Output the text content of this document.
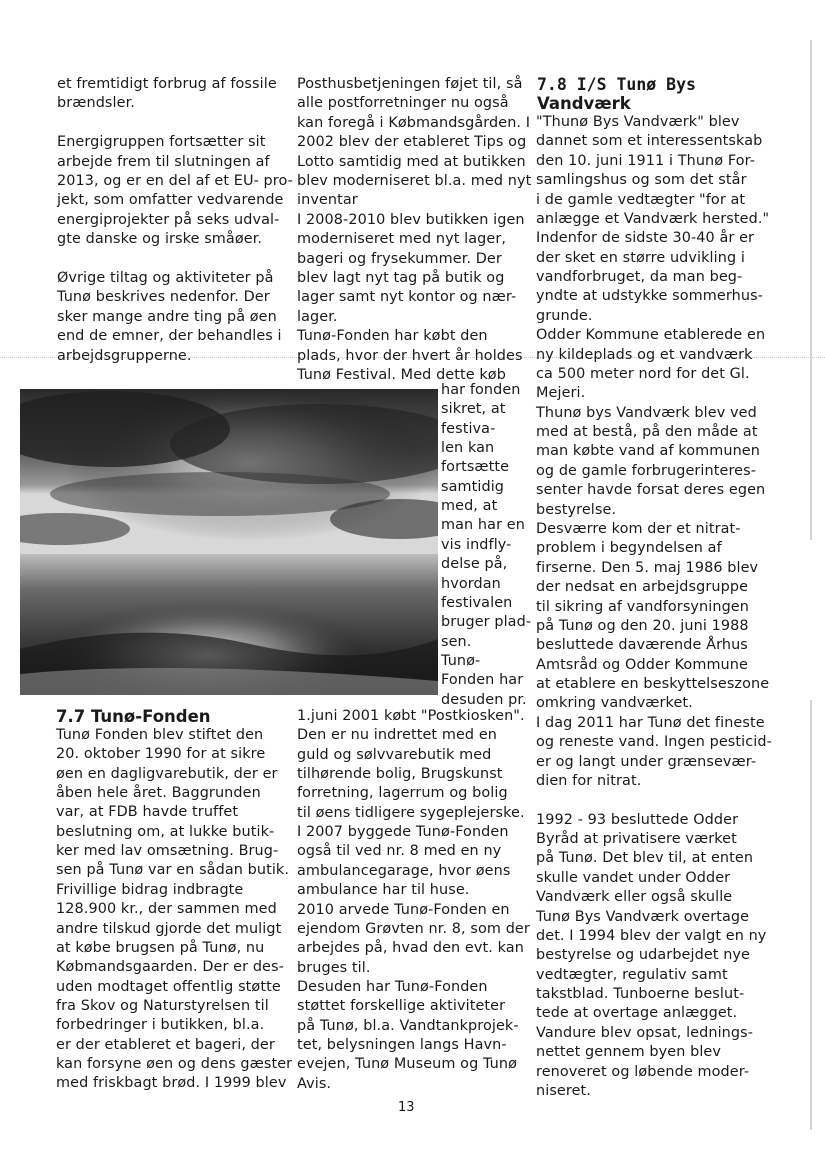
et fremtidigt forbrug af fossile
brændsler.
Energigruppen fortsætter sit
arbejde frem til slutningen af
2013, og er en del af et EU- pro-
jekt, som omfatter vedvarende
energiprojekter på seks udval-
gte danske og irske småøer.
Øvrige tiltag og aktiviteter på
Tunø beskrives nedenfor. Der
sker mange andre ting på øen
end de emner, der behandles i
arbejdsgrupperne.
7.7 Tunø-Fonden
Tunø Fonden blev stiftet den
20. oktober 1990 for at sikre
øen en dagligvarebutik, der er
åben hele året. Baggrunden
var, at FDB havde truffet
beslutning om, at lukke butik-
ker med lav omsætning. Brug-
sen på Tunø var en sådan butik.
Frivillige bidrag indbragte
128.900 kr., der sammen med
andre tilskud gjorde det muligt
at købe brugsen på Tunø, nu
Købmandsgaarden. Der er des-
uden modtaget offentlig støtte
fra Skov og Naturstyrelsen til
forbedringer i butikken, bl.a.
er der etableret et bageri, der
kan forsyne øen og dens gæster
med friskbagt brød. I 1999 blev
Posthusbetjeningen føjet til, så
alle postforretninger nu også
kan foregå i Købmandsgården. I
2002 blev der etableret Tips og
Lotto samtidig med at butikken
blev moderniseret bl.a. med nyt
inventar
I 2008-2010 blev butikken igen
moderniseret med nyt lager,
bageri og frysekummer. Der
blev lagt nyt tag på butik og
lager samt nyt kontor og nær-
lager.
Tunø-Fonden har købt den
plads, hvor der hvert år holdes
Tunø Festival. Med dette køb
har fonden
sikret, at
festiva-
len kan
fortsætte
samtidig
med, at
man har en
vis indfly-
delse på,
hvordan
festivalen
bruger plad-
sen.
Tunø-
Fonden har
desuden pr.
1.juni 2001 købt "Postkiosken".
Den er nu indrettet med en
guld og sølvvarebutik med
tilhørende bolig, Brugskunst
forretning, lagerrum og bolig
til øens tidligere sygeplejerske.
I 2007 byggede Tunø-Fonden
også til ved nr. 8 med en ny
ambulancegarage, hvor øens
ambulance har til huse.
2010 arvede Tunø-Fonden en
ejendom Grøvten nr. 8, som der
arbejdes på, hvad den evt. kan
bruges til.
Desuden har Tunø-Fonden
støttet forskellige aktiviteter
på Tunø, bl.a. Vandtankprojek-
tet, belysningen langs Havn-
evejen, Tunø Museum og Tunø
Avis.
7.8 I/S Tunø Bys
Vandværk
"Thunø Bys Vandværk" blev
dannet som et interessentskab
den 10. juni 1911 i Thunø For-
samlingshus og som det står
i de gamle vedtægter "for at
anlægge et Vandværk hersted."
Indenfor de sidste 30-40 år er
der sket en større udvikling i
vandforbruget, da man beg-
yndte at udstykke sommerhus-
grunde.
Odder Kommune etablerede en
ny kildeplads og et vandværk
ca 500 meter nord for det Gl.
Mejeri.
Thunø bys Vandværk blev ved
med at bestå, på den måde at
man købte vand af kommunen
og de gamle forbrugerinteres-
senter havde forsat deres egen
bestyrelse.
Desværre kom der et nitrat-
problem i begyndelsen af
firserne. Den 5. maj 1986 blev
der nedsat en arbejdsgruppe
til sikring af vandforsyningen
på Tunø og den 20. juni 1988
besluttede daværende Århus
Amtsråd og Odder Kommune
at etablere en beskyttelseszone
omkring vandværket.
I dag 2011 har Tunø det fineste
og reneste vand. Ingen pesticid-
er og langt under grænsevær-
dien for nitrat.
1992 - 93 besluttede Odder
Byråd at privatisere værket
på Tunø. Det blev til, at enten
skulle vandet under Odder
Vandværk eller også skulle
Tunø Bys Vandværk overtage
det. I 1994 blev der valgt en ny
bestyrelse og udarbejdet nye
vedtægter, regulativ samt
takstblad. Tunboerne beslut-
tede at overtage anlægget.
Vandure blev opsat, lednings-
nettet gennem byen blev
renoveret og løbende moder-
niseret.
13
